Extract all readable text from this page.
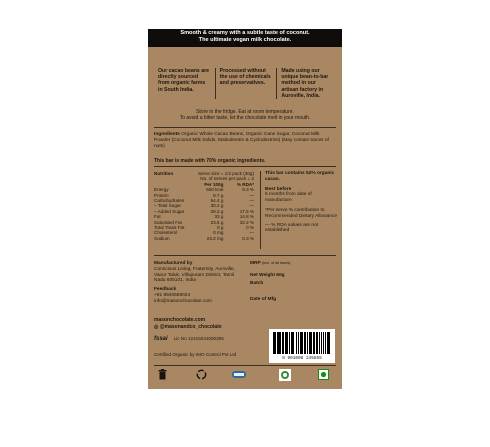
Smooth & creamy with a subtle taste of coconut.
The ultimate vegan milk chocolate.
Our cacao beans are directly sourced from organic farms in South India.
Processed without the use of chemicals and preservatives.
Made using our unique bean-to-bar method in our artisan factory in Auroville, India.
Store in the fridge. Eat at room temperature.
To avoid a bitter taste, let the chocolate melt in your mouth.
Ingredients Organic Whole Cacao Beans, Organic Cane Sugar, Coconut Milk Powder (Coconut Milk Solids, Maltodextrin & Cyclodextrins) (May contain traces of nuts)
This bar is made with 70% organic ingredients.
Nutrition	Serve size = 1/2 pack (30g)	
	No. of serves per pack = 2	
	Per 100g	% RDA*
Energy	550 kcal	8.3 %
Protein	8.7 g	—
Carbohydrates	54.4 g	—
– Total Sugar	30.2 g	—
– Added Sugar	29.2 g	17.5 %
Fat	33 g	14.8 %
Saturated Fat	23.6 g	32.2 %
Total Trans Fat	0 g	0 %
Cholesterol	0 mg	—
Sodium	23.2 mg	0.3 %
This bar contains 52% organic cacao.
Best before
6 months from date of manufacture.
*Per serve % contribution to Recommended Dietary Allowance
— % RDA values are not established
Manufactured by
Conscious Living, Fraternity, Auroville, Vanur Taluk, Villupuram District, Tamil Nadu 605101, India
Feedback
+91 8940559024
info@masonchocolate.com
MRP (incl. of all taxes)
Net Weight 60g
Batch
Date of Mfg
masonchocolate.com
◎ @masonandco_chocolate
fssai Lic No 12415031000355
Certified Organic by IMO Control Pvt Ltd
8 901008 245855
